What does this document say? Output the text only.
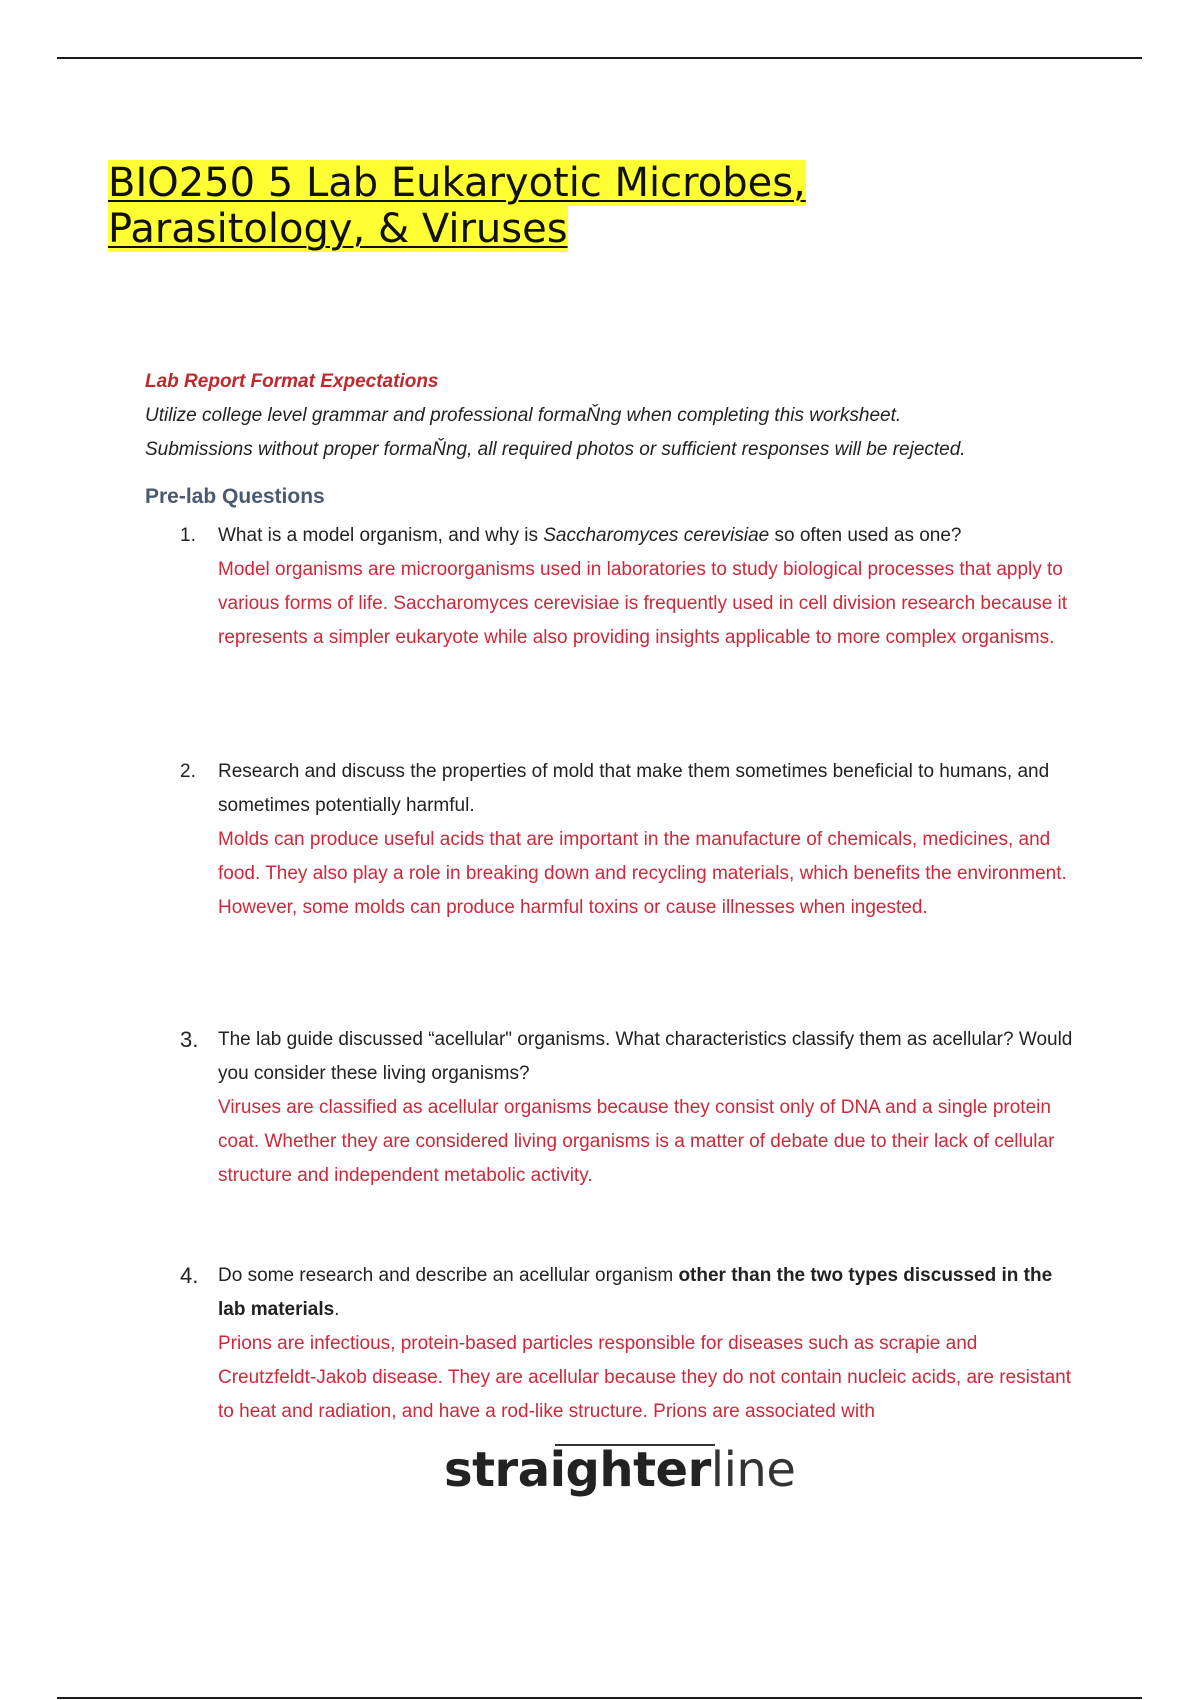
BIO250 5 Lab Eukaryotic Microbes, Parasitology, & Viruses

Lab Report Format Expectations

Utilize college level grammar and professional formaŇng when completing this worksheet.

Submissions without proper formaŇng, all required photos or sufficient responses will be rejected.

Pre-lab Questions
1. What is a model organism, and why is Saccharomyces cerevisiae so often used as one?

Model organisms are microorganisms used in laboratories to study biological processes that apply to various forms of life. Saccharomyces cerevisiae is frequently used in cell division research because it represents a simpler eukaryote while also providing insights applicable to more complex organisms.

2. Research and discuss the properties of mold that make them sometimes beneficial to humans, and sometimes potentially harmful.

Molds can produce useful acids that are important in the manufacture of chemicals, medicines, and food. They also play a role in breaking down and recycling materials, which benefits the environment. However, some molds can produce harmful toxins or cause illnesses when ingested.

3. The lab guide discussed “acellular" organisms. What characteristics classify them as acellular? Would you consider these living organisms?

Viruses are classified as acellular organisms because they consist only of DNA and a single protein coat. Whether they are considered living organisms is a matter of debate due to their lack of cellular structure and independent metabolic activity.

4. Do some research and describe an acellular organism other than the two types discussed in the lab materials.

Prions are infectious, protein-based particles responsible for diseases such as scrapie and Creutzfeldt-Jakob disease. They are acellular because they do not contain nucleic acids, are resistant to heat and radiation, and have a rod-like structure. Prions are associated with

straighterline
